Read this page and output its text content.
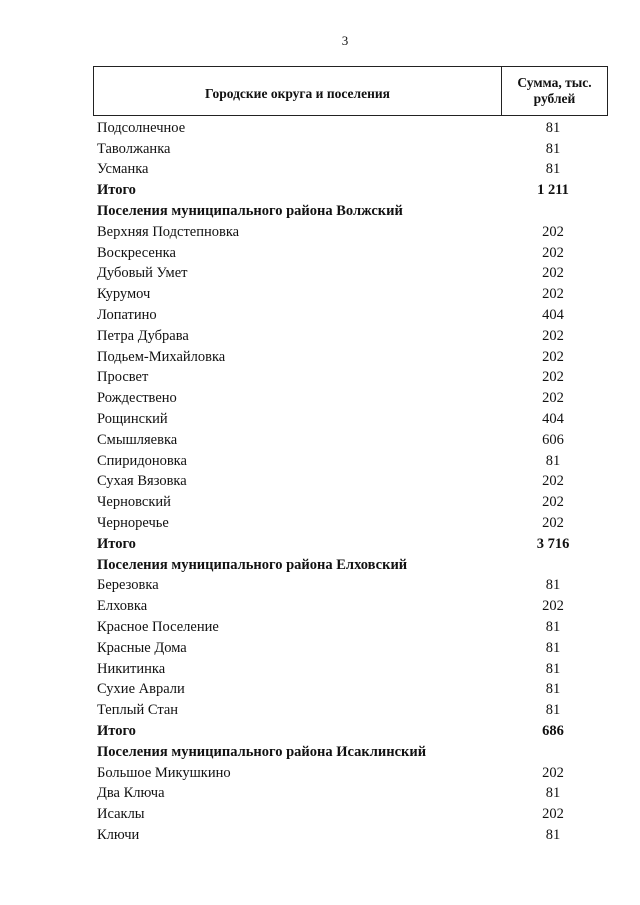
3
Городские округа и поселения
Сумма, тыс.
рублей
Подсолнечное	81
Таволжанка	81
Усманка	81
Итого	1 211
Поселения муниципального района Волжский
Верхняя Подстепновка	202
Воскресенка	202
Дубовый Умет	202
Курумоч	202
Лопатино	404
Петра Дубрава	202
Подьем-Михайловка	202
Просвет	202
Рождествено	202
Рощинский	404
Смышляевка	606
Спиридоновка	81
Сухая Вязовка	202
Черновский	202
Черноречье	202
Итого	3 716
Поселения муниципального района Елховский
Березовка	81
Елховка	202
Красное Поселение	81
Красные Дома	81
Никитинка	81
Сухие Аврали	81
Теплый Стан	81
Итого	686
Поселения муниципального района Исаклинский
Большое Микушкино	202
Два Ключа	81
Исаклы	202
Ключи	81
